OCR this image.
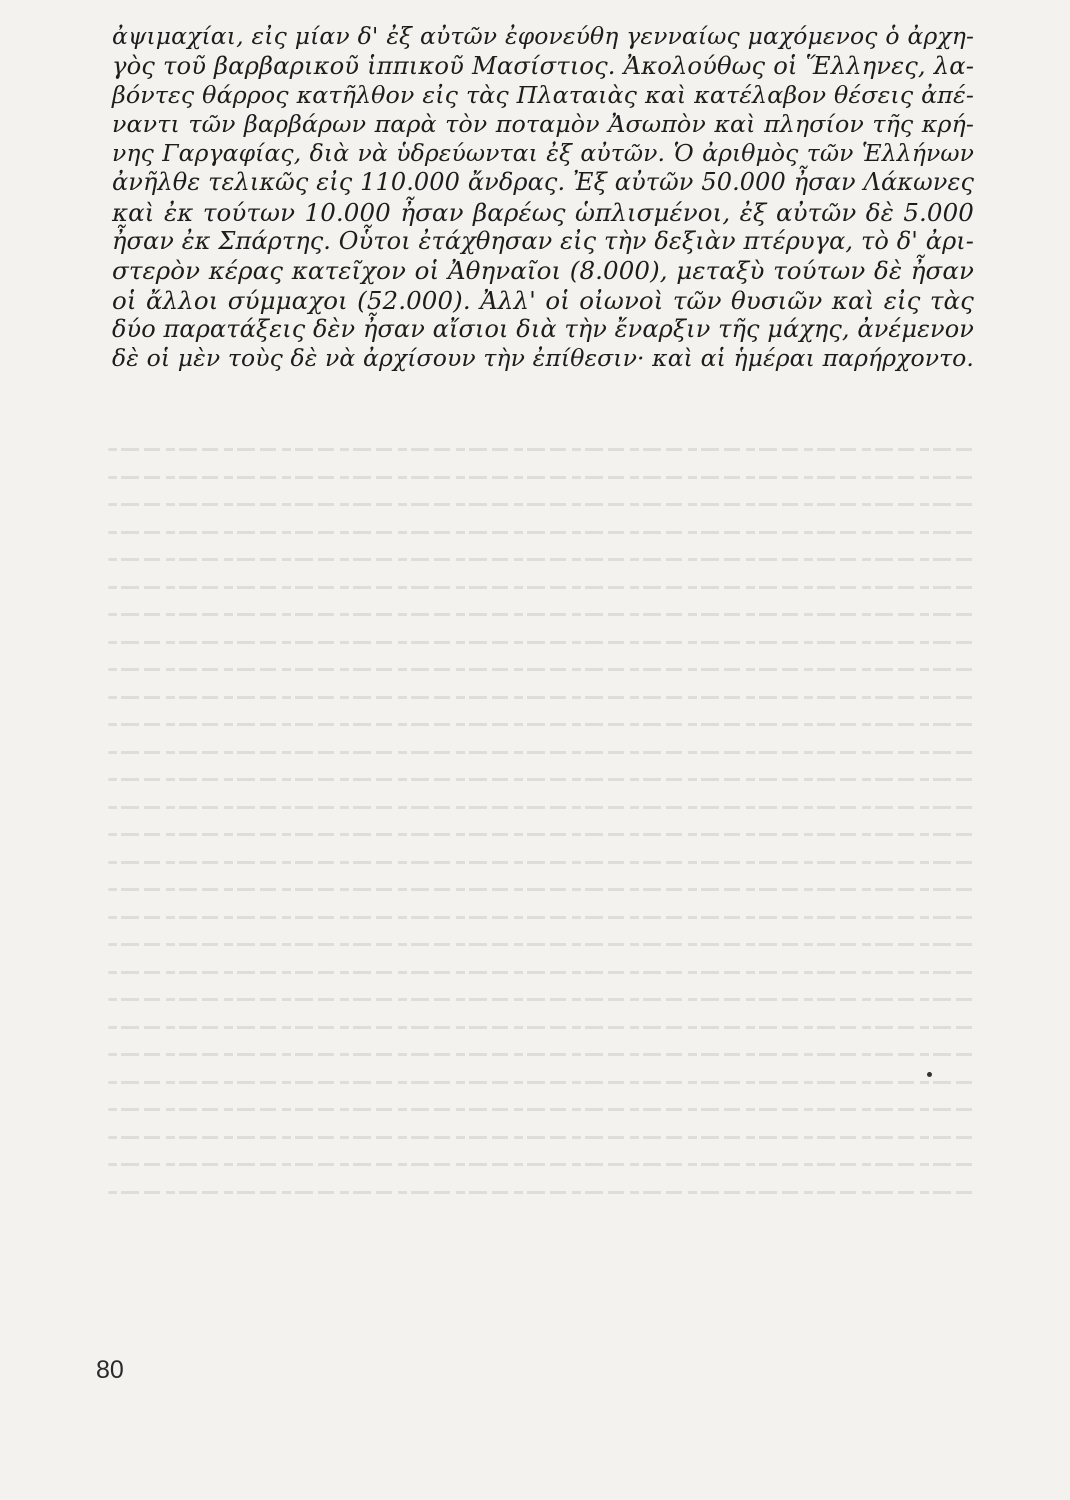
ἀψιμαχίαι, εἰς μίαν δ' ἐξ αὐτῶν ἐφονεύθη γενναίως μαχόμενος ὁ ἀρχη-
γὸς τοῦ βαρβαρικοῦ ἱππικοῦ Μασίστιος. Ἀκολούθως οἱ Ἕλληνες, λα-
βόντες θάρρος κατῆλθον εἰς τὰς Πλαταιὰς καὶ κατέλαβον θέσεις ἀπέ-
ναντι τῶν βαρβάρων παρὰ τὸν ποταμὸν Ἀσωπὸν καὶ πλησίον τῆς κρή-
νης Γαργαφίας, διὰ νὰ ὑδρεύωνται ἐξ αὐτῶν. Ὁ ἀριθμὸς τῶν Ἑλλήνων
ἀνῆλθε τελικῶς εἰς 110.000 ἄνδρας. Ἐξ αὐτῶν 50.000 ἦσαν Λάκωνες
καὶ ἐκ τούτων 10.000 ἦσαν βαρέως ὡπλισμένοι, ἐξ αὐτῶν δὲ 5.000
ἦσαν ἐκ Σπάρτης. Οὗτοι ἐτάχθησαν εἰς τὴν δεξιὰν πτέρυγα, τὸ δ' ἀρι-
στερὸν κέρας κατεῖχον οἱ Ἀθηναῖοι (8.000), μεταξὺ τούτων δὲ ἦσαν
οἱ ἄλλοι σύμμαχοι (52.000). Ἀλλ' οἱ οἰωνοὶ τῶν θυσιῶν καὶ εἰς τὰς
δύο παρατάξεις δὲν ἦσαν αἴσιοι διὰ τὴν ἔναρξιν τῆς μάχης, ἀνέμενον
δὲ οἱ μὲν τοὺς δὲ νὰ ἀρχίσουν τὴν ἐπίθεσιν· καὶ αἱ ἡμέραι παρήρχοντο.
80
